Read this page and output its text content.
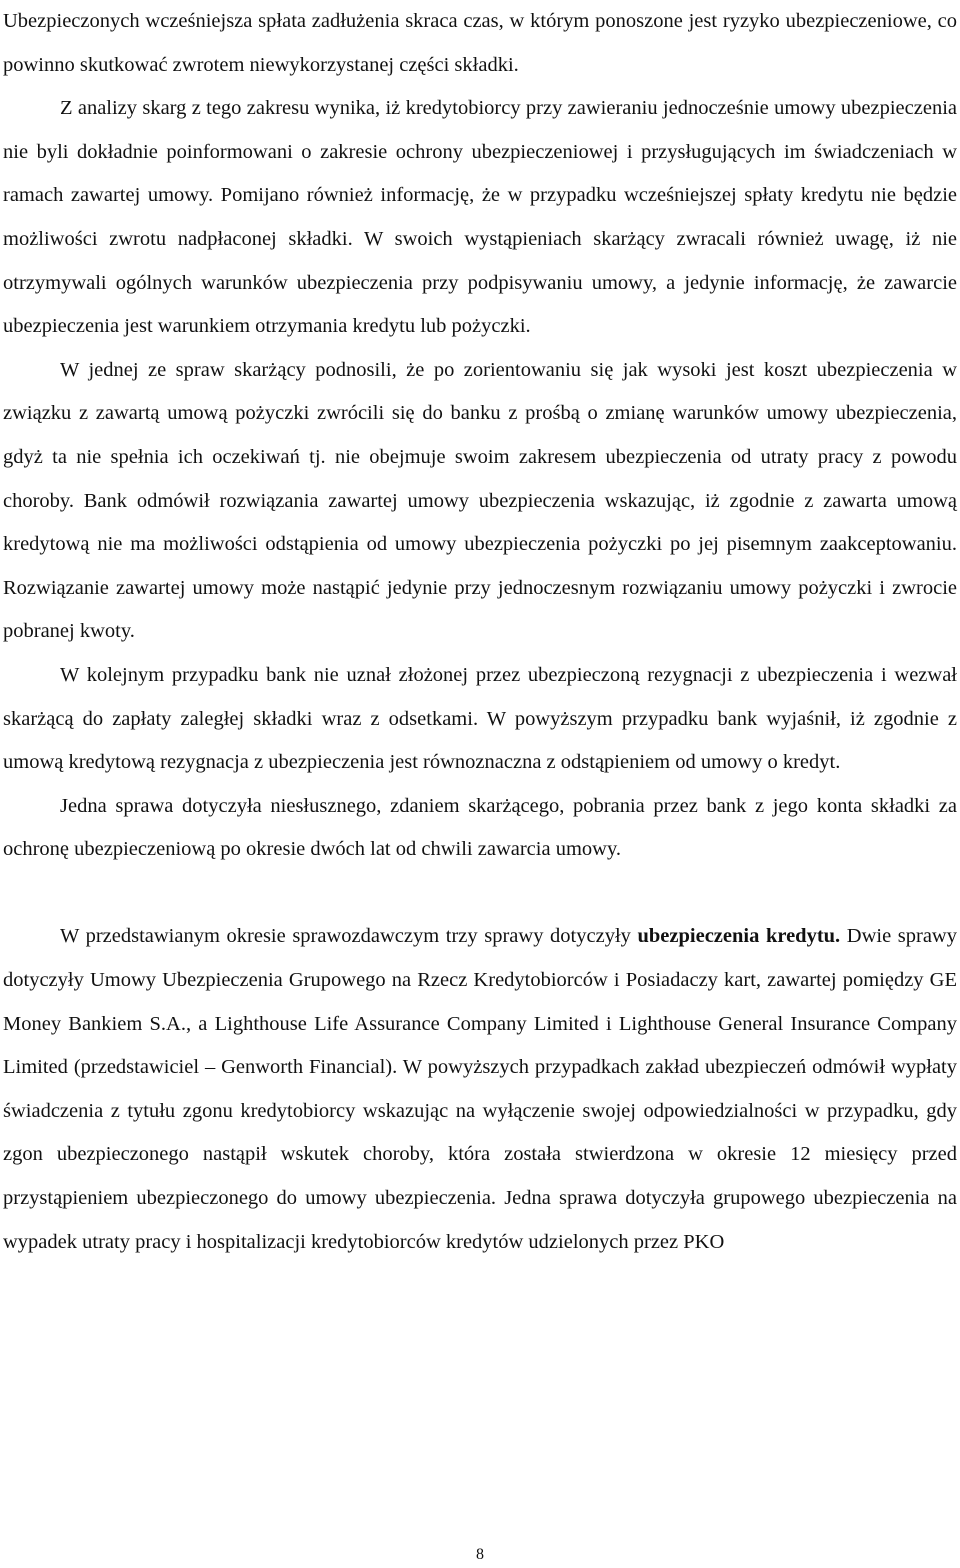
Ubezpieczonych wcześniejsza spłata zadłużenia skraca czas, w którym ponoszone jest ryzyko ubezpieczeniowe, co powinno skutkować zwrotem niewykorzystanej części składki.

Z analizy skarg z tego zakresu wynika, iż kredytobiorcy przy zawieraniu jednocześnie umowy ubezpieczenia nie byli dokładnie poinformowani o zakresie ochrony ubezpieczeniowej i przysługujących im świadczeniach w ramach zawartej umowy. Pomijano również informację, że w przypadku wcześniejszej spłaty kredytu nie będzie możliwości zwrotu nadpłaconej składki. W swoich wystąpieniach skarżący zwracali również uwagę, iż nie otrzymywali ogólnych warunków ubezpieczenia przy podpisywaniu umowy, a jedynie informację, że zawarcie ubezpieczenia jest warunkiem otrzymania kredytu lub pożyczki.

W jednej ze spraw skarżący podnosili, że po zorientowaniu się jak wysoki jest koszt ubezpieczenia w związku z zawartą umową pożyczki zwrócili się do banku z prośbą o zmianę warunków umowy ubezpieczenia, gdyż ta nie spełnia ich oczekiwań tj. nie obejmuje swoim zakresem ubezpieczenia od utraty pracy z powodu choroby. Bank odmówił rozwiązania zawartej umowy ubezpieczenia wskazując, iż zgodnie z zawarta umową kredytową nie ma możliwości odstąpienia od umowy ubezpieczenia pożyczki po jej pisemnym zaakceptowaniu. Rozwiązanie zawartej umowy może nastąpić jedynie przy jednoczesnym rozwiązaniu umowy pożyczki i zwrocie pobranej kwoty.

W kolejnym przypadku bank nie uznał złożonej przez ubezpieczoną rezygnacji z ubezpieczenia i wezwał skarżącą do zapłaty zaległej składki wraz z odsetkami. W powyższym przypadku bank wyjaśnił, iż zgodnie z umową kredytową rezygnacja z ubezpieczenia jest równoznaczna z odstąpieniem od umowy o kredyt.

Jedna sprawa dotyczyła niesłusznego, zdaniem skarżącego, pobrania przez bank z jego konta składki za ochronę ubezpieczeniową po okresie dwóch lat od chwili zawarcia umowy.

W przedstawianym okresie sprawozdawczym trzy sprawy dotyczyły ubezpieczenia kredytu. Dwie sprawy dotyczyły Umowy Ubezpieczenia Grupowego na Rzecz Kredytobiorców i Posiadaczy kart, zawartej pomiędzy GE Money Bankiem S.A., a Lighthouse Life Assurance Company Limited i Lighthouse General Insurance Company Limited (przedstawiciel – Genworth Financial). W powyższych przypadkach zakład ubezpieczeń odmówił wypłaty świadczenia z tytułu zgonu kredytobiorcy wskazując na wyłączenie swojej odpowiedzialności w przypadku, gdy zgon ubezpieczonego nastąpił wskutek choroby, która została stwierdzona w okresie 12 miesięcy przed przystąpieniem ubezpieczonego do umowy ubezpieczenia. Jedna sprawa dotyczyła grupowego ubezpieczenia na wypadek utraty pracy i hospitalizacji kredytobiorców kredytów udzielonych przez PKO

8
